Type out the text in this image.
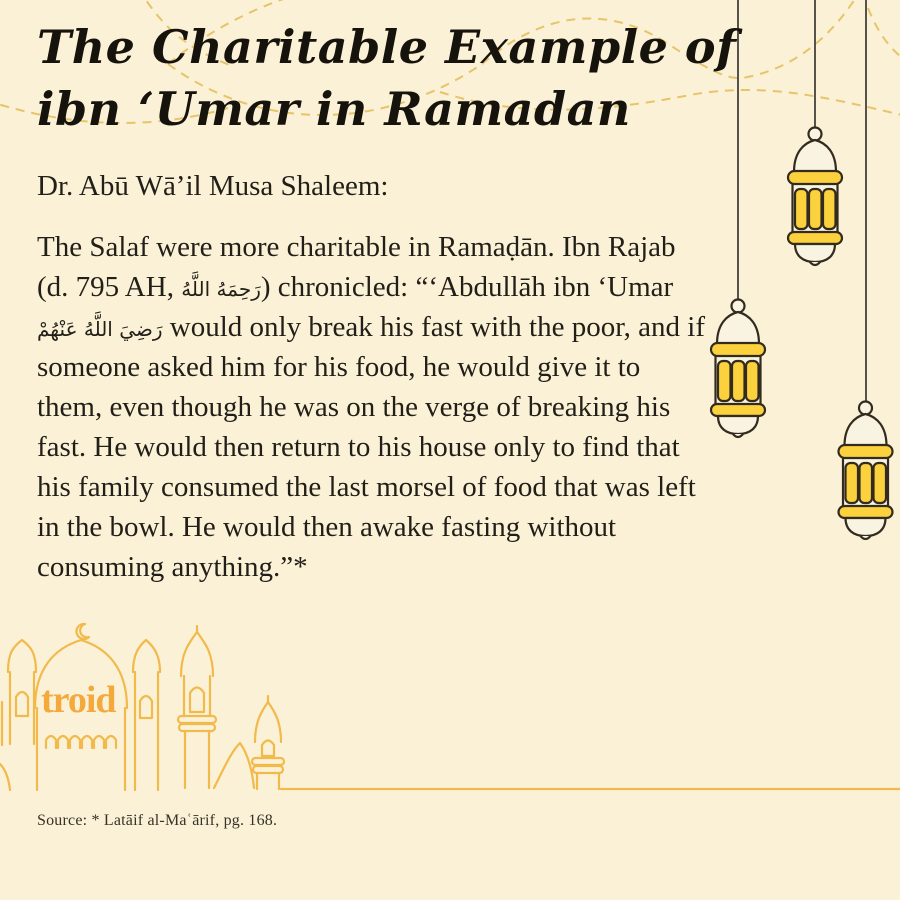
The Charitable Example of
ibn ‘Umar in Ramadan

Dr. Abū Wā’il Musa Shaleem:

The Salaf were more charitable in Ramaḍān. Ibn Rajab (d. 795 AH, رَحِمَهُ اللَّهُ) chronicled: “‘Abdullāh ibn ‘Umar رَضِيَ اللَّهُ عَنْهُمْ would only break his fast with the poor, and if someone asked him for his food, he would give it to them, even though he was on the verge of breaking his fast. He would then return to his house only to find that his family consumed the last morsel of food that was left in the bowl. He would then awake fasting without consuming anything.”*

troid

Source: * Latāif al-Maʿārif, pg. 168.
